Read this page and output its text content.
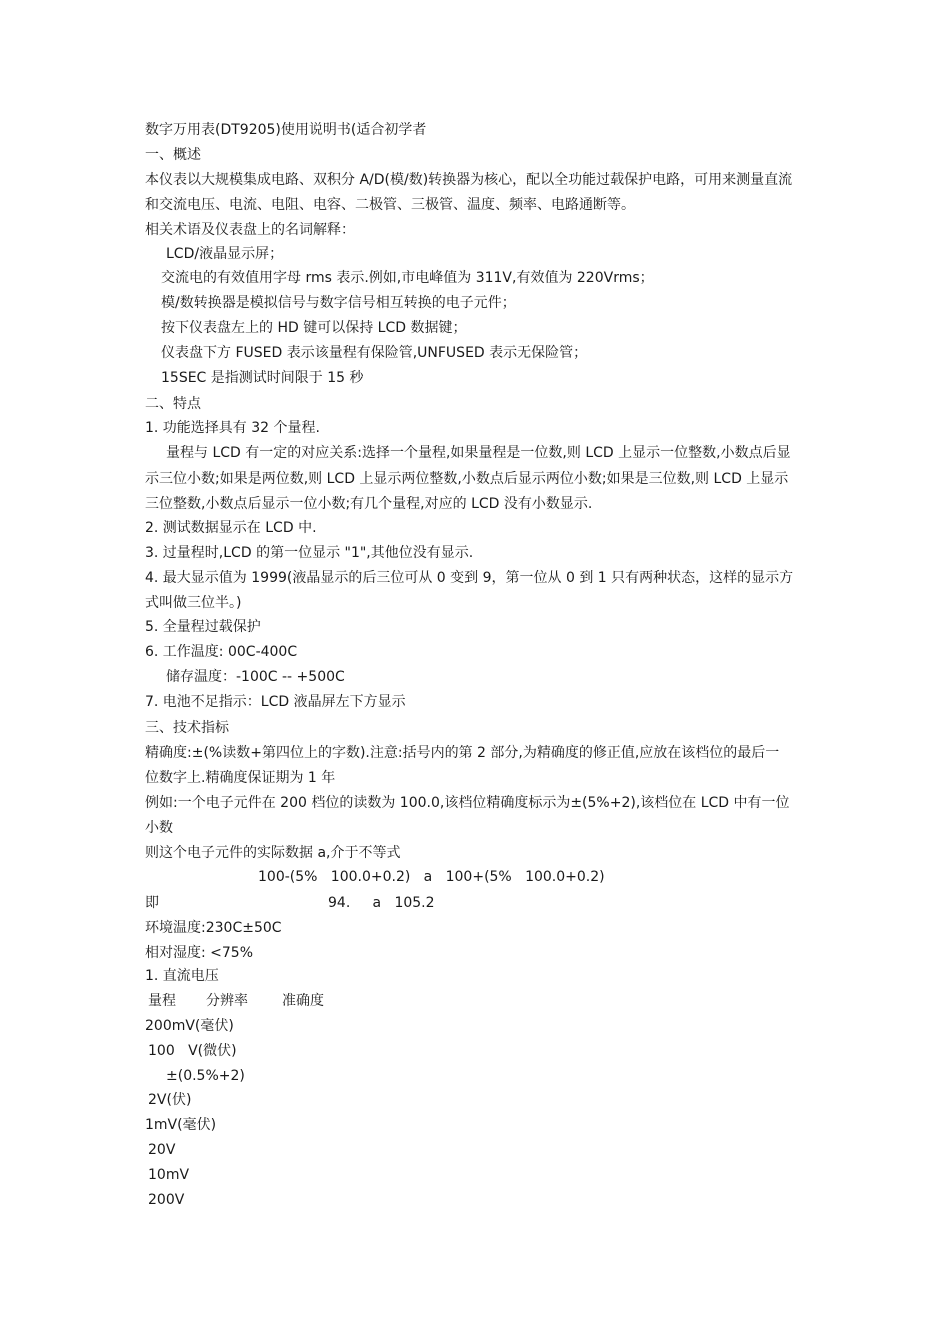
数字万用表(DT9205)使用说明书(适合初学者
一、概述
本仪表以大规模集成电路、双积分 A/D(模/数)转换器为核心，配以全功能过载保护电路，可用来测量直流
和交流电压、电流、电阻、电容、二极管、三极管、温度、频率、电路通断等。
相关术语及仪表盘上的名词解释：
LCD/液晶显示屏；
交流电的有效值用字母 rms 表示.例如,市电峰值为 311V,有效值为 220Vrms；
模/数转换器是模拟信号与数字信号相互转换的电子元件；
按下仪表盘左上的 HD 键可以保持 LCD 数据键；
仪表盘下方 FUSED 表示该量程有保险管,UNFUSED 表示无保险管；
15SEC 是指测试时间限于 15 秒
二、特点
1. 功能选择具有 32 个量程.
量程与 LCD 有一定的对应关系:选择一个量程,如果量程是一位数,则 LCD 上显示一位整数,小数点后显
示三位小数;如果是两位数,则 LCD 上显示两位整数,小数点后显示两位小数;如果是三位数,则 LCD 上显示
三位整数,小数点后显示一位小数;有几个量程,对应的 LCD 没有小数显示.
2. 测试数据显示在 LCD 中.
3. 过量程时,LCD 的第一位显示 "1",其他位没有显示.
4. 最大显示值为 1999(液晶显示的后三位可从 0 变到 9，第一位从 0 到 1 只有两种状态，这样的显示方
式叫做三位半。)
5. 全量程过载保护
6. 工作温度: 00C-400C
储存温度：-100C -- +500C
7. 电池不足指示：LCD 液晶屏左下方显示
三、技术指标
精确度:±(%读数+第四位上的字数).注意:括号内的第 2 部分,为精确度的修正值,应放在该档位的最后一
位数字上.精确度保证期为 1 年
例如:一个电子元件在 200 档位的读数为 100.0,该档位精确度标示为±(5%+2),该档位在 LCD 中有一位
小数
则这个电子元件的实际数据 a,介于不等式
100-(5%   100.0+0.2)   a   100+(5%   100.0+0.2)
即	94.     a   105.2
环境温度:230C±50C
相对湿度: <75%
1. 直流电压
量程 分辨率 准确度
200mV(毫伏)
100   V(微伏)
±(0.5%+2)
2V(伏)
1mV(毫伏)
20V
10mV
200V
